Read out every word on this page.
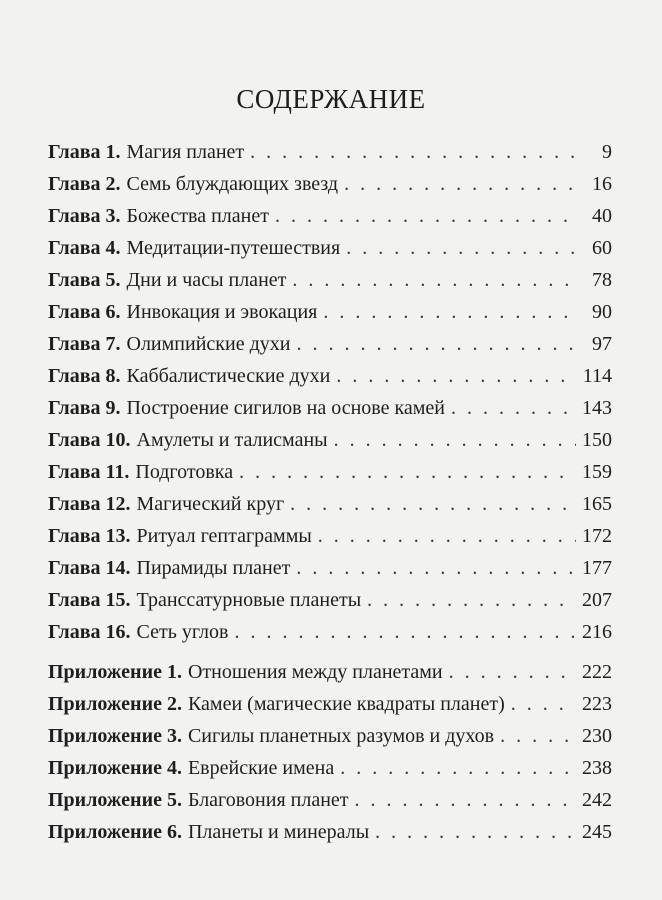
СОДЕРЖАНИЕ
Глава 1. Магия планет . . .	9
Глава 2. Семь блуждающих звезд . . .	16
Глава 3. Божества планет . . .	40
Глава 4. Медитации-путешествия . . .	60
Глава 5. Дни и часы планет . . .	78
Глава 6. Инвокация и эвокация . . .	90
Глава 7. Олимпийские духи . . .	97
Глава 8. Каббалистические духи . . .	114
Глава 9. Построение сигилов на основе камей . . .	143
Глава 10. Амулеты и талисманы . . .	150
Глава 11. Подготовка . . .	159
Глава 12. Магический круг . . .	165
Глава 13. Ритуал гептаграммы . . .	172
Глава 14. Пирамиды планет . . .	177
Глава 15. Транссатурновые планеты . . .	207
Глава 16. Сеть углов . . .	216
Приложение 1. Отношения между планетами . . .	222
Приложение 2. Камеи (магические квадраты планет) . . .	223
Приложение 3. Сигилы планетных разумов и духов . . .	230
Приложение 4. Еврейские имена . . .	238
Приложение 5. Благовония планет . . .	242
Приложение 6. Планеты и минералы . . .	245
